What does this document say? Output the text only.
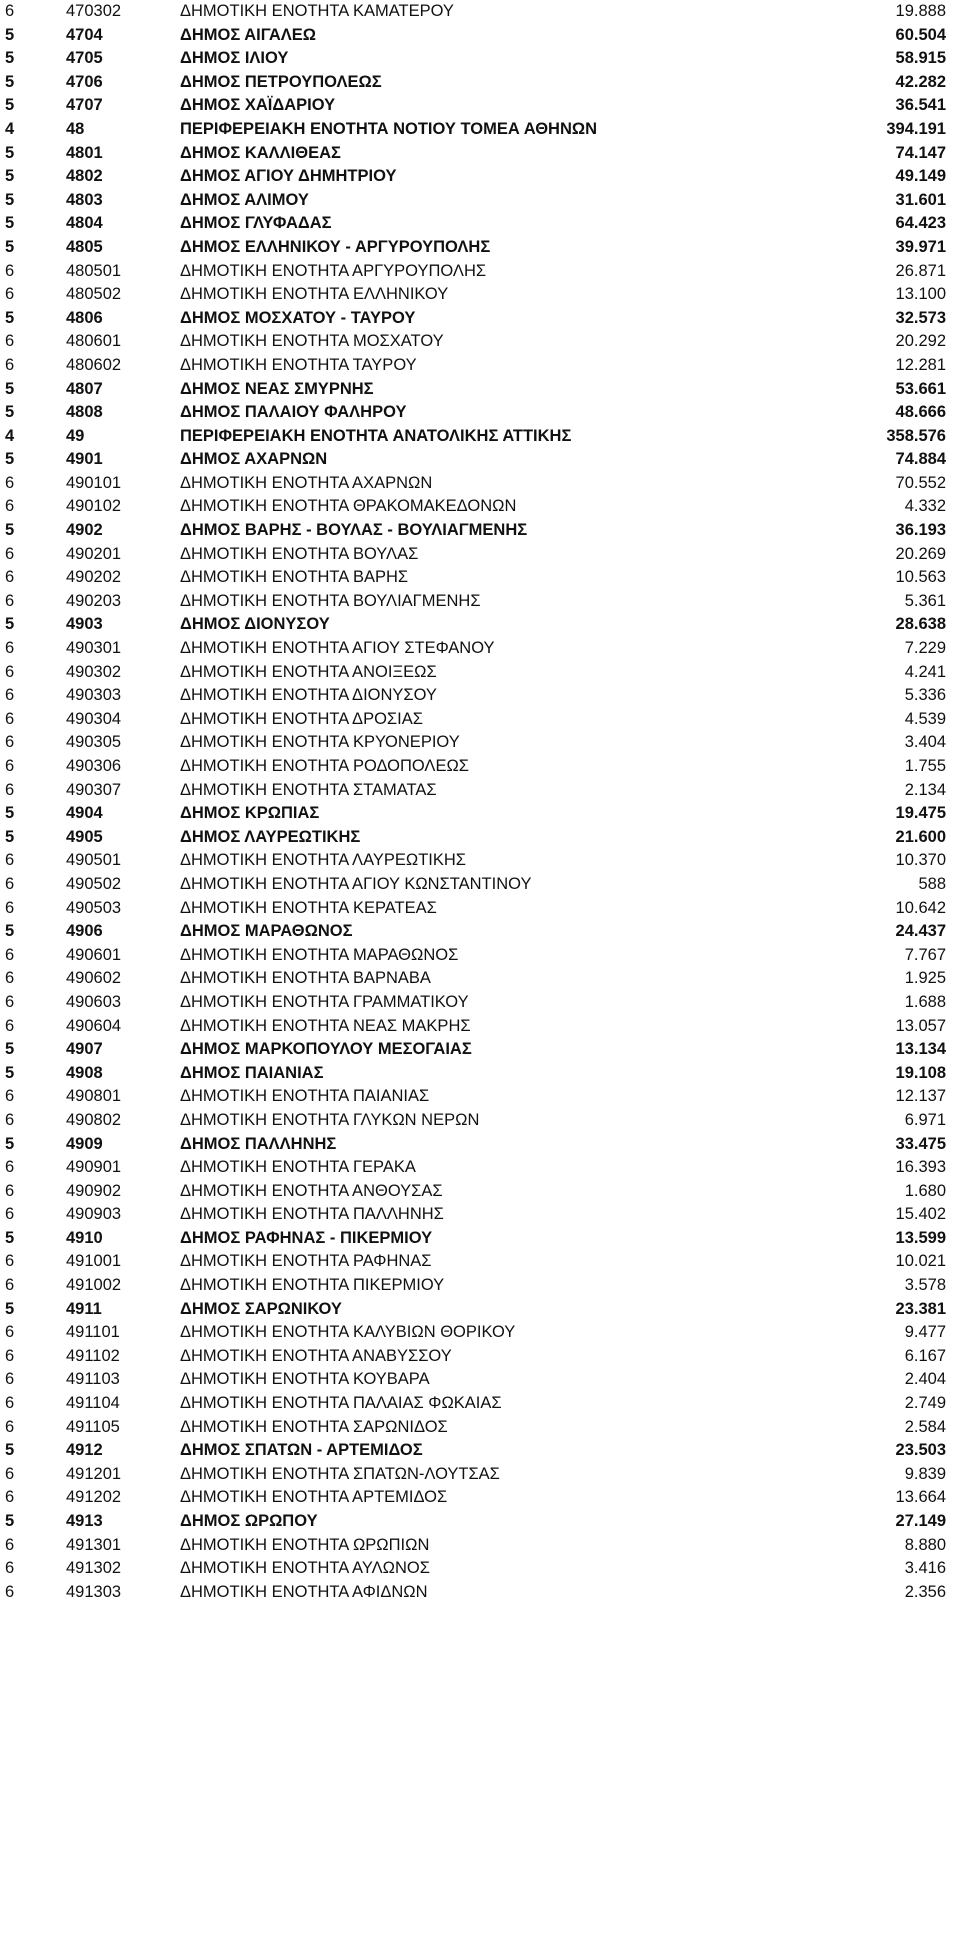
6	470302	ΔΗΜΟΤΙΚΗ ΕΝΟΤΗΤΑ ΚΑΜΑΤΕΡΟΥ	19.888
5	4704	ΔΗΜΟΣ ΑΙΓΑΛΕΩ	60.504
5	4705	ΔΗΜΟΣ ΙΛΙΟΥ	58.915
5	4706	ΔΗΜΟΣ ΠΕΤΡΟΥΠΟΛΕΩΣ	42.282
5	4707	ΔΗΜΟΣ ΧΑΪΔΑΡΙΟΥ	36.541
4	48	ΠΕΡΙΦΕΡΕΙΑΚΗ ΕΝΟΤΗΤΑ ΝΟΤΙΟΥ ΤΟΜΕΑ ΑΘΗΝΩΝ	394.191
5	4801	ΔΗΜΟΣ ΚΑΛΛΙΘΕΑΣ	74.147
5	4802	ΔΗΜΟΣ ΑΓΙΟΥ ΔΗΜΗΤΡΙΟΥ	49.149
5	4803	ΔΗΜΟΣ ΑΛΙΜΟΥ	31.601
5	4804	ΔΗΜΟΣ ΓΛΥΦΑΔΑΣ	64.423
5	4805	ΔΗΜΟΣ ΕΛΛΗΝΙΚΟΥ - ΑΡΓΥΡΟΥΠΟΛΗΣ	39.971
6	480501	ΔΗΜΟΤΙΚΗ ΕΝΟΤΗΤΑ ΑΡΓΥΡΟΥΠΟΛΗΣ	26.871
6	480502	ΔΗΜΟΤΙΚΗ ΕΝΟΤΗΤΑ ΕΛΛΗΝΙΚΟΥ	13.100
5	4806	ΔΗΜΟΣ ΜΟΣΧΑΤΟΥ - ΤΑΥΡΟΥ	32.573
6	480601	ΔΗΜΟΤΙΚΗ ΕΝΟΤΗΤΑ ΜΟΣΧΑΤΟΥ	20.292
6	480602	ΔΗΜΟΤΙΚΗ ΕΝΟΤΗΤΑ ΤΑΥΡΟΥ	12.281
5	4807	ΔΗΜΟΣ ΝΕΑΣ ΣΜΥΡΝΗΣ	53.661
5	4808	ΔΗΜΟΣ ΠΑΛΑΙΟΥ ΦΑΛΗΡΟΥ	48.666
4	49	ΠΕΡΙΦΕΡΕΙΑΚΗ ΕΝΟΤΗΤΑ ΑΝΑΤΟΛΙΚΗΣ ΑΤΤΙΚΗΣ	358.576
5	4901	ΔΗΜΟΣ ΑΧΑΡΝΩΝ	74.884
6	490101	ΔΗΜΟΤΙΚΗ ΕΝΟΤΗΤΑ ΑΧΑΡΝΩΝ	70.552
6	490102	ΔΗΜΟΤΙΚΗ ΕΝΟΤΗΤΑ ΘΡΑΚΟΜΑΚΕΔΟΝΩΝ	4.332
5	4902	ΔΗΜΟΣ ΒΑΡΗΣ - ΒΟΥΛΑΣ - ΒΟΥΛΙΑΓΜΕΝΗΣ	36.193
6	490201	ΔΗΜΟΤΙΚΗ ΕΝΟΤΗΤΑ ΒΟΥΛΑΣ	20.269
6	490202	ΔΗΜΟΤΙΚΗ ΕΝΟΤΗΤΑ ΒΑΡΗΣ	10.563
6	490203	ΔΗΜΟΤΙΚΗ ΕΝΟΤΗΤΑ ΒΟΥΛΙΑΓΜΕΝΗΣ	5.361
5	4903	ΔΗΜΟΣ ΔΙΟΝΥΣΟΥ	28.638
6	490301	ΔΗΜΟΤΙΚΗ ΕΝΟΤΗΤΑ ΑΓΙΟΥ ΣΤΕΦΑΝΟΥ	7.229
6	490302	ΔΗΜΟΤΙΚΗ ΕΝΟΤΗΤΑ ΑΝΟΙΞΕΩΣ	4.241
6	490303	ΔΗΜΟΤΙΚΗ ΕΝΟΤΗΤΑ ΔΙΟΝΥΣΟΥ	5.336
6	490304	ΔΗΜΟΤΙΚΗ ΕΝΟΤΗΤΑ ΔΡΟΣΙΑΣ	4.539
6	490305	ΔΗΜΟΤΙΚΗ ΕΝΟΤΗΤΑ ΚΡΥΟΝΕΡΙΟΥ	3.404
6	490306	ΔΗΜΟΤΙΚΗ ΕΝΟΤΗΤΑ ΡΟΔΟΠΟΛΕΩΣ	1.755
6	490307	ΔΗΜΟΤΙΚΗ ΕΝΟΤΗΤΑ ΣΤΑΜΑΤΑΣ	2.134
5	4904	ΔΗΜΟΣ ΚΡΩΠΙΑΣ	19.475
5	4905	ΔΗΜΟΣ ΛΑΥΡΕΩΤΙΚΗΣ	21.600
6	490501	ΔΗΜΟΤΙΚΗ ΕΝΟΤΗΤΑ ΛΑΥΡΕΩΤΙΚΗΣ	10.370
6	490502	ΔΗΜΟΤΙΚΗ ΕΝΟΤΗΤΑ ΑΓΙΟΥ ΚΩΝΣΤΑΝΤΙΝΟΥ	588
6	490503	ΔΗΜΟΤΙΚΗ ΕΝΟΤΗΤΑ ΚΕΡΑΤΕΑΣ	10.642
5	4906	ΔΗΜΟΣ ΜΑΡΑΘΩΝΟΣ	24.437
6	490601	ΔΗΜΟΤΙΚΗ ΕΝΟΤΗΤΑ ΜΑΡΑΘΩΝΟΣ	7.767
6	490602	ΔΗΜΟΤΙΚΗ ΕΝΟΤΗΤΑ ΒΑΡΝΑΒΑ	1.925
6	490603	ΔΗΜΟΤΙΚΗ ΕΝΟΤΗΤΑ ΓΡΑΜΜΑΤΙΚΟΥ	1.688
6	490604	ΔΗΜΟΤΙΚΗ ΕΝΟΤΗΤΑ ΝΕΑΣ ΜΑΚΡΗΣ	13.057
5	4907	ΔΗΜΟΣ ΜΑΡΚΟΠΟΥΛΟΥ ΜΕΣΟΓΑΙΑΣ	13.134
5	4908	ΔΗΜΟΣ ΠΑΙΑΝΙΑΣ	19.108
6	490801	ΔΗΜΟΤΙΚΗ ΕΝΟΤΗΤΑ ΠΑΙΑΝΙΑΣ	12.137
6	490802	ΔΗΜΟΤΙΚΗ ΕΝΟΤΗΤΑ ΓΛΥΚΩΝ ΝΕΡΩΝ	6.971
5	4909	ΔΗΜΟΣ ΠΑΛΛΗΝΗΣ	33.475
6	490901	ΔΗΜΟΤΙΚΗ ΕΝΟΤΗΤΑ ΓΕΡΑΚΑ	16.393
6	490902	ΔΗΜΟΤΙΚΗ ΕΝΟΤΗΤΑ ΑΝΘΟΥΣΑΣ	1.680
6	490903	ΔΗΜΟΤΙΚΗ ΕΝΟΤΗΤΑ ΠΑΛΛΗΝΗΣ	15.402
5	4910	ΔΗΜΟΣ ΡΑΦΗΝΑΣ - ΠΙΚΕΡΜΙΟΥ	13.599
6	491001	ΔΗΜΟΤΙΚΗ ΕΝΟΤΗΤΑ ΡΑΦΗΝΑΣ	10.021
6	491002	ΔΗΜΟΤΙΚΗ ΕΝΟΤΗΤΑ ΠΙΚΕΡΜΙΟΥ	3.578
5	4911	ΔΗΜΟΣ ΣΑΡΩΝΙΚΟΥ	23.381
6	491101	ΔΗΜΟΤΙΚΗ ΕΝΟΤΗΤΑ ΚΑΛΥΒΙΩΝ ΘΟΡΙΚΟΥ	9.477
6	491102	ΔΗΜΟΤΙΚΗ ΕΝΟΤΗΤΑ ΑΝΑΒΥΣΣΟΥ	6.167
6	491103	ΔΗΜΟΤΙΚΗ ΕΝΟΤΗΤΑ ΚΟΥΒΑΡΑ	2.404
6	491104	ΔΗΜΟΤΙΚΗ ΕΝΟΤΗΤΑ ΠΑΛΑΙΑΣ ΦΩΚΑΙΑΣ	2.749
6	491105	ΔΗΜΟΤΙΚΗ ΕΝΟΤΗΤΑ ΣΑΡΩΝΙΔΟΣ	2.584
5	4912	ΔΗΜΟΣ ΣΠΑΤΩΝ - ΑΡΤΕΜΙΔΟΣ	23.503
6	491201	ΔΗΜΟΤΙΚΗ ΕΝΟΤΗΤΑ ΣΠΑΤΩΝ-ΛΟΥΤΣΑΣ	9.839
6	491202	ΔΗΜΟΤΙΚΗ ΕΝΟΤΗΤΑ ΑΡΤΕΜΙΔΟΣ	13.664
5	4913	ΔΗΜΟΣ ΩΡΩΠΟΥ	27.149
6	491301	ΔΗΜΟΤΙΚΗ ΕΝΟΤΗΤΑ ΩΡΩΠΙΩΝ	8.880
6	491302	ΔΗΜΟΤΙΚΗ ΕΝΟΤΗΤΑ ΑΥΛΩΝΟΣ	3.416
6	491303	ΔΗΜΟΤΙΚΗ ΕΝΟΤΗΤΑ ΑΦΙΔΝΩΝ	2.356
